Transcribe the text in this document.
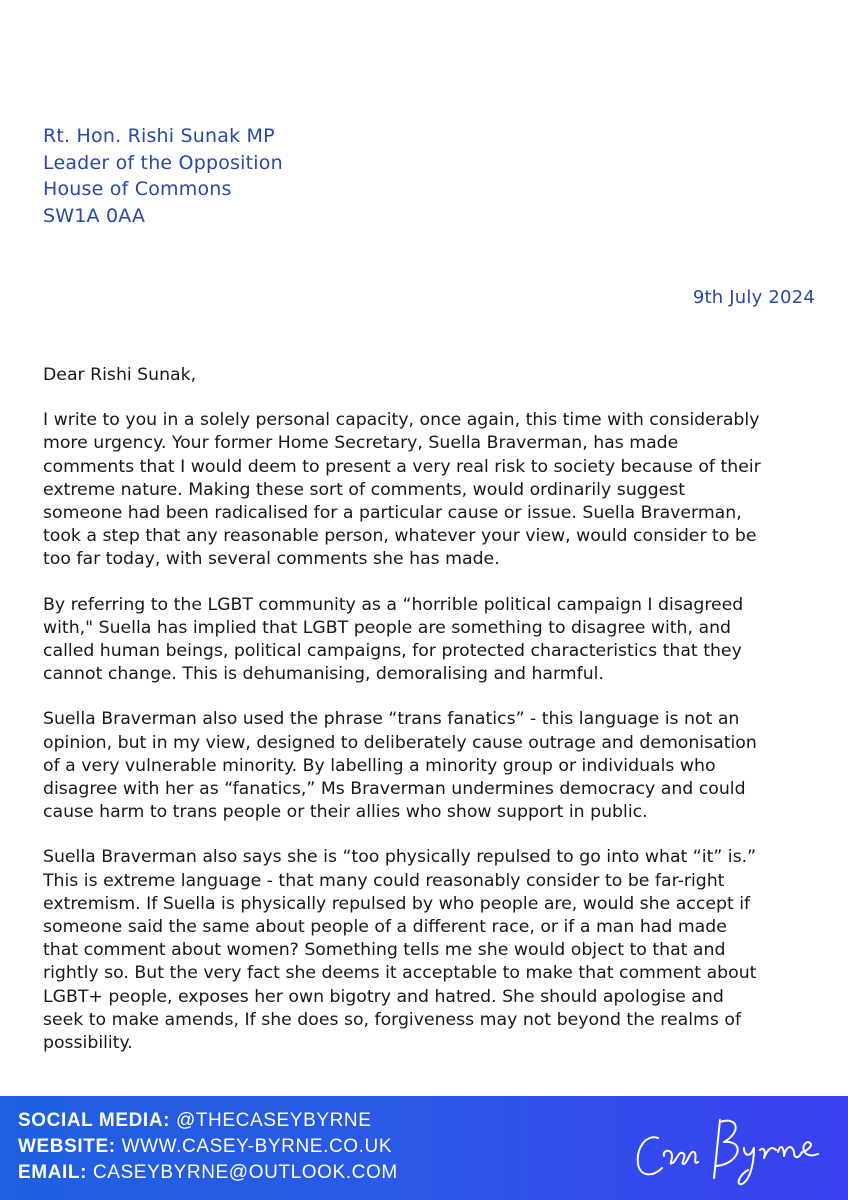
Rt. Hon. Rishi Sunak MP
Leader of the Opposition
House of Commons
SW1A 0AA
9th July 2024
Dear Rishi Sunak,
I write to you in a solely personal capacity, once again, this time with considerably
more urgency. Your former Home Secretary, Suella Braverman, has made
comments that I would deem to present a very real risk to society because of their
extreme nature. Making these sort of comments, would ordinarily suggest
someone had been radicalised for a particular cause or issue. Suella Braverman,
took a step that any reasonable person, whatever your view, would consider to be
too far today, with several comments she has made.
By referring to the LGBT community as a “horrible political campaign I disagreed
with," Suella has implied that LGBT people are something to disagree with, and
called human beings, political campaigns, for protected characteristics that they
cannot change. This is dehumanising, demoralising and harmful.
Suella Braverman also used the phrase “trans fanatics” - this language is not an
opinion, but in my view, designed to deliberately cause outrage and demonisation
of a very vulnerable minority. By labelling a minority group or individuals who
disagree with her as “fanatics,” Ms Braverman undermines democracy and could
cause harm to trans people or their allies who show support in public.
Suella Braverman also says she is “too physically repulsed to go into what “it” is.”
This is extreme language - that many could reasonably consider to be far-right
extremism. If Suella is physically repulsed by who people are, would she accept if
someone said the same about people of a different race, or if a man had made
that comment about women? Something tells me she would object to that and
rightly so. But the very fact she deems it acceptable to make that comment about
LGBT+ people, exposes her own bigotry and hatred. She should apologise and
seek to make amends, If she does so, forgiveness may not beyond the realms of
possibility.
SOCIAL MEDIA: @THECASEYBYRNE
WEBSITE: WWW.CASEY-BYRNE.CO.UK
EMAIL: CASEYBYRNE@OUTLOOK.COM
